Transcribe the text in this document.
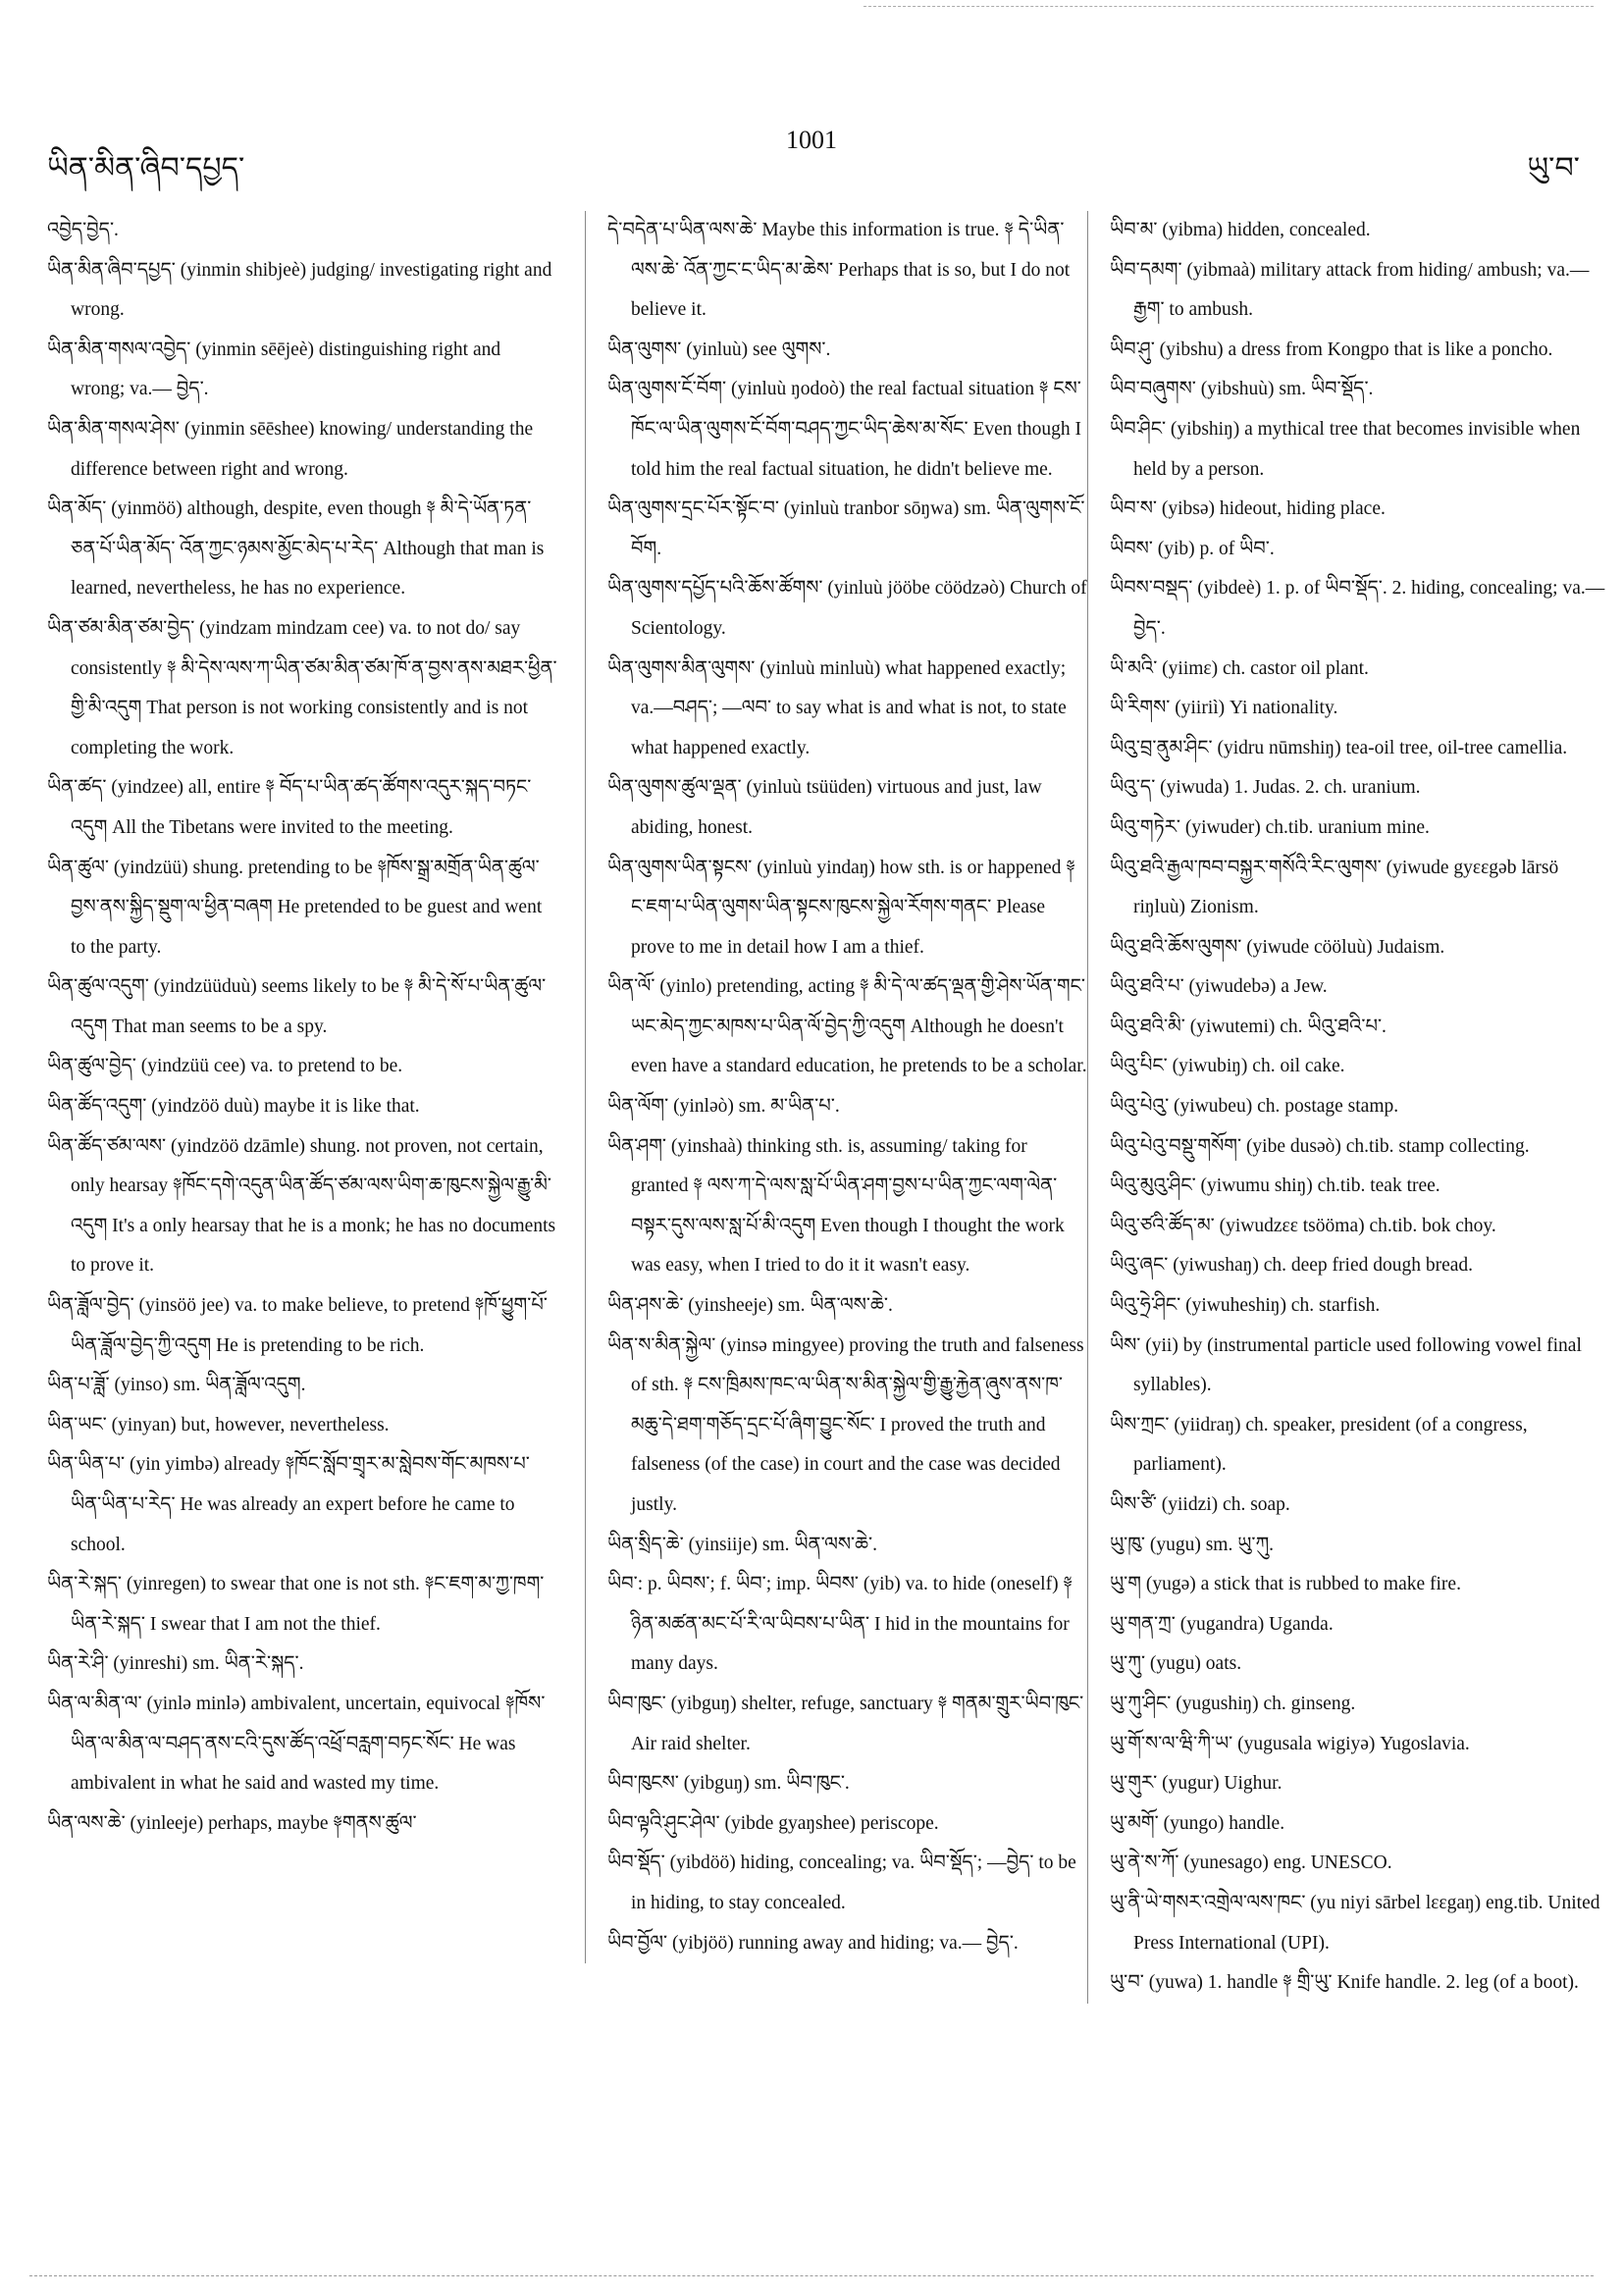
ཡིན་མིན་ཞིབ་དཔྱད་
1001
ཡུ་བ་

འབྱེད་བྱེད་.

ཡིན་མིན་ཞིབ་དཔྱད་ (yinmin shibjeè) judging/ investigating right and wrong.

ཡིན་མིན་གསལ་འབྱེད་ (yinmin sēējeè) distinguishing right and wrong; va.— བྱེད་.

ཡིན་མིན་གསལ་ཤེས་ (yinmin sēēshee) knowing/ understanding the difference between right and wrong.

ཡིན་མོད་ (yinmöö) although, despite, even though ༈ མི་དེ་ཡོན་ཏན་ཅན་པོ་ཡིན་མོད་ འོན་ཀྱང་ཉམས་མྱོང་མེད་པ་རེད་ Although that man is learned, nevertheless, he has no experience.

ཡིན་ཙམ་མིན་ཙམ་བྱེད་ (yindzam mindzam cee) va. to not do/ say consistently ༈ མི་དེས་ལས་ཀ་ཡིན་ཙམ་མིན་ཙམ་ཁོ་ན་བྱས་ནས་མཐར་ཕྱིན་གྱི་མི་འདུག That person is not working consistently and is not completing the work.

ཡིན་ཚད་ (yindzee) all, entire ༈ བོད་པ་ཡིན་ཚད་ཚོགས་འདུར་སྐད་བཏང་འདུག All the Tibetans were invited to the meeting.

ཡིན་ཚུལ་ (yindzüü) shung. pretending to be ༈ཁོས་སྒྲ་མགྲོན་ཡིན་ཚུལ་བྱས་ནས་སྐྱིད་སྡུག་ལ་ཕྱིན་བཞག He pretended to be guest and went to the party.

ཡིན་ཚུལ་འདུག་ (yindzüüduù) seems likely to be ༈ མི་དེ་སོ་པ་ཡིན་ཚུལ་འདུག That man seems to be a spy.

ཡིན་ཚུལ་བྱེད་ (yindzüü cee) va. to pretend to be.

ཡིན་ཚོད་འདུག་ (yindzöö duù) maybe it is like that.

ཡིན་ཚོད་ཙམ་ལས་ (yindzöö dzāmle) shung. not proven, not certain, only hearsay ༈ཁོང་དགེ་འདུན་ཡིན་ཚོད་ཙམ་ལས་ཡིག་ཆ་ཁུངས་སྐྱེལ་རྒྱུ་མི་འདུག It's a only hearsay that he is a monk; he has no documents to prove it.

ཡིན་ཟློལ་བྱེད་ (yinsöö jee) va. to make believe, to pretend ༈ཁོ་ཕྱུག་པོ་ཡིན་ཟློལ་བྱེད་ཀྱི་འདུག He is pretending to be rich.

ཡིན་པ་ཟློ་ (yinso) sm. ཡིན་ཟློལ་འདུག.

ཡིན་ཡང་ (yinyan) but, however, nevertheless.

ཡིན་ཡིན་པ་ (yin yimbə) already ༈ཁོང་སློབ་གྲྭར་མ་སླེབས་གོང་མཁས་པ་ཡིན་ཡིན་པ་རེད་ He was already an expert before he came to school.

ཡིན་རེ་སྐད་ (yinregen) to swear that one is not sth. ༈ང་ཇག་མ་ཀྱ་ཁག་ཡིན་རེ་སྐད་ I swear that I am not the thief.

ཡིན་རེ་ཤི་ (yinreshi) sm. ཡིན་རེ་སྐད་.

ཡིན་ལ་མིན་ལ་ (yinlə minlə) ambivalent, uncertain, equivocal ༈ཁོས་ཡིན་ལ་མིན་ལ་བཤད་ནས་ངའི་དུས་ཚོད་འཕྲོ་བརླག་བཏང་སོང་ He was ambivalent in what he said and wasted my time.

ཡིན་ལས་ཆེ་ (yinleeje) perhaps, maybe ༈གནས་ཚུལ་

དེ་བདེན་པ་ཡིན་ལས་ཆེ་ Maybe this information is true. ༈ དེ་ཡིན་ལས་ཆེ་ འོན་ཀྱང་ང་ཡིད་མ་ཆེས་ Perhaps that is so, but I do not believe it.

ཡིན་ལུགས་ (yinluù) see ལུགས་.

ཡིན་ལུགས་ངོ་བོག་ (yinluù ŋodoò) the real factual situation ༈ ངས་ཁོང་ལ་ཡིན་ལུགས་ངོ་བོག་བཤད་ཀྱང་ཡིད་ཆེས་མ་སོང་ Even though I told him the real factual situation, he didn't believe me.

ཡིན་ལུགས་དྲང་པོར་སྟོང་བ་ (yinluù tranbor sōŋwa) sm. ཡིན་ལུགས་ངོ་བོག.

ཡིན་ལུགས་དཔྱོད་པའི་ཆོས་ཚོགས་ (yinluù jööbe cöödzəò) Church of Scientology.

ཡིན་ལུགས་མིན་ལུགས་ (yinluù minluù) what happened exactly; va.—བཤད་; —ལབ་ to say what is and what is not, to state what happened exactly.

ཡིན་ལུགས་ཚུལ་ལྡན་ (yinluù tsüüden) virtuous and just, law abiding, honest.

ཡིན་ལུགས་ཡིན་སྟངས་ (yinluù yindaŋ) how sth. is or happened ༈ ང་ཇག་པ་ཡིན་ལུགས་ཡིན་སྟངས་ཁུངས་སྐྱེལ་རོགས་གནང་ Please prove to me in detail how I am a thief.

ཡིན་ལོ་ (yinlo) pretending, acting ༈ མི་དེ་ལ་ཚད་ལྡན་གྱི་ཤེས་ཡོན་གང་ཡང་མེད་ཀྱང་མཁས་པ་ཡིན་ལོ་བྱེད་ཀྱི་འདུག Although he doesn't even have a standard education, he pretends to be a scholar.

ཡིན་ལོག་ (yinləò) sm. མ་ཡིན་པ་.

ཡིན་ཤག་ (yinshaà) thinking sth. is, assuming/ taking for granted ༈ ལས་ཀ་དེ་ལས་སླ་པོ་ཡིན་ཤག་བྱས་པ་ཡིན་ཀྱང་ལག་ལེན་བསྟར་དུས་ལས་སླ་པོ་མི་འདུག Even though I thought the work was easy, when I tried to do it it wasn't easy.

ཡིན་ཤས་ཆེ་ (yinsheeje) sm. ཡིན་ལས་ཆེ་.

ཡིན་ས་མིན་སྐྱེལ་ (yinsə mingyee) proving the truth and falseness of sth. ༈ ངས་ཁྲིམས་ཁང་ལ་ཡིན་ས་མིན་སྐྱེལ་གྱི་རྒྱུ་རྐྱེན་ཞུས་ནས་ཁ་མཆུ་དེ་ཐག་གཅོད་དྲང་པོ་ཞིག་བྱུང་སོང་ I proved the truth and falseness (of the case) in court and the case was decided justly.

ཡིན་སྲིད་ཆེ་ (yinsiije) sm. ཡིན་ལས་ཆེ་.

ཡིབ་: p. ཡིབས་; f. ཡིབ་; imp. ཡིབས་ (yib) va. to hide (oneself) ༈ ཉིན་མཚན་མང་པོ་རི་ལ་ཡིབས་པ་ཡིན་ I hid in the mountains for many days.

ཡིབ་ཁུང་ (yibguŋ) shelter, refuge, sanctuary ༈ གནམ་གྲུར་ཡིབ་ཁུང་ Air raid shelter.

ཡིབ་ཁུངས་ (yibguŋ) sm. ཡིབ་ཁུང་.

ཡིབ་ལྟའི་ཤུང་ཤེལ་ (yibde gyaŋshee) periscope.

ཡིབ་སྡོད་ (yibdöö) hiding, concealing; va. ཡིབ་སྡོད་; —བྱེད་ to be in hiding, to stay concealed.

ཡིབ་བྱོལ་ (yibjöö) running away and hiding; va.— བྱེད་.

ཡིབ་མ་ (yibma) hidden, concealed.

ཡིབ་དམག་ (yibmaà) military attack from hiding/ ambush; va.—རྒྱག་ to ambush.

ཡིབ་ཤུ་ (yibshu) a dress from Kongpo that is like a poncho.

ཡིབ་བཞུགས་ (yibshuù) sm. ཡིབ་སྡོད་.

ཡིབ་ཤིང་ (yibshiŋ) a mythical tree that becomes invisible when held by a person.

ཡིབ་ས་ (yibsə) hideout, hiding place.

ཡིབས་ (yib) p. of ཡིབ་.

ཡིབས་བསྡད་ (yibdeè) 1. p. of ཡིབ་སྡོད་. 2. hiding, concealing; va.—བྱེད་.

ཡི་མའི་ (yiimɛ) ch. castor oil plant.

ཡི་རིགས་ (yiiriì) Yi nationality.

ཡིའུ་བྲ་ནུམ་ཤིང་ (yidru nūmshiŋ) tea-oil tree, oil-tree camellia.

ཡིའུ་ད་ (yiwuda) 1. Judas. 2. ch. uranium.

ཡིའུ་གཏེར་ (yiwuder) ch.tib. uranium mine.

ཡིའུ་ཐའི་རྒྱལ་ཁབ་བསྐྱར་གསོའི་རིང་ལུགས་ (yiwude gyɛɛgəb lārsö riŋluù) Zionism.

ཡིའུ་ཐའི་ཆོས་ལུགས་ (yiwude cööluù) Judaism.

ཡིའུ་ཐའི་པ་ (yiwudebə) a Jew.

ཡིའུ་ཐའི་མི་ (yiwutemi) ch. ཡིའུ་ཐའི་པ་.

ཡིའུ་པིང་ (yiwubiŋ) ch. oil cake.

ཡིའུ་པེའུ་ (yiwubeu) ch. postage stamp.

ཡིའུ་པེའུ་བསྡུ་གསོག་ (yibe dusəò) ch.tib. stamp collecting.

ཡིའུ་མུའུ་ཤིང་ (yiwumu shiŋ) ch.tib. teak tree.

ཡིའུ་ཙའི་ཚོད་མ་ (yiwudzɛɛ tsööma) ch.tib. bok choy.

ཡིའུ་ཞང་ (yiwushaŋ) ch. deep fried dough bread.

ཡིའུ་ཧྲེ་ཤིང་ (yiwuheshiŋ) ch. starfish.

ཡིས་ (yii) by (instrumental particle used following vowel final syllables).

ཡིས་ཀྲང་ (yiidraŋ) ch. speaker, president (of a congress, parliament).

ཡིས་ཙི་ (yiidzi) ch. soap.

ཡུ་ཁུ་ (yugu) sm. ཡུ་ཀུ.

ཡུ་ག (yugə) a stick that is rubbed to make fire.

ཡུ་གན་ཀྲ་ (yugandra) Uganda.

ཡུ་ཀུ་ (yugu) oats.

ཡུ་ཀུ་ཤིང་ (yugushiŋ) ch. ginseng.

ཡུ་གོ་ས་ལ་ཝི་ཀི་ཡ་ (yugusala wigiyə) Yugoslavia.

ཡུ་གུར་ (yugur) Uighur.

ཡུ་མགོ་ (yungo) handle.

ཡུ་ནེ་ས་ཀོ་ (yunesago) eng. UNESCO.

ཡུ་ནི་ཡེ་གསར་འགྲེལ་ལས་ཁང་ (yu niyi sārbel lɛɛgaŋ) eng.tib. United Press International (UPI).

ཡུ་བ་ (yuwa) 1. handle ༈ གྲི་ཡུ་ Knife handle. 2. leg (of a boot).
